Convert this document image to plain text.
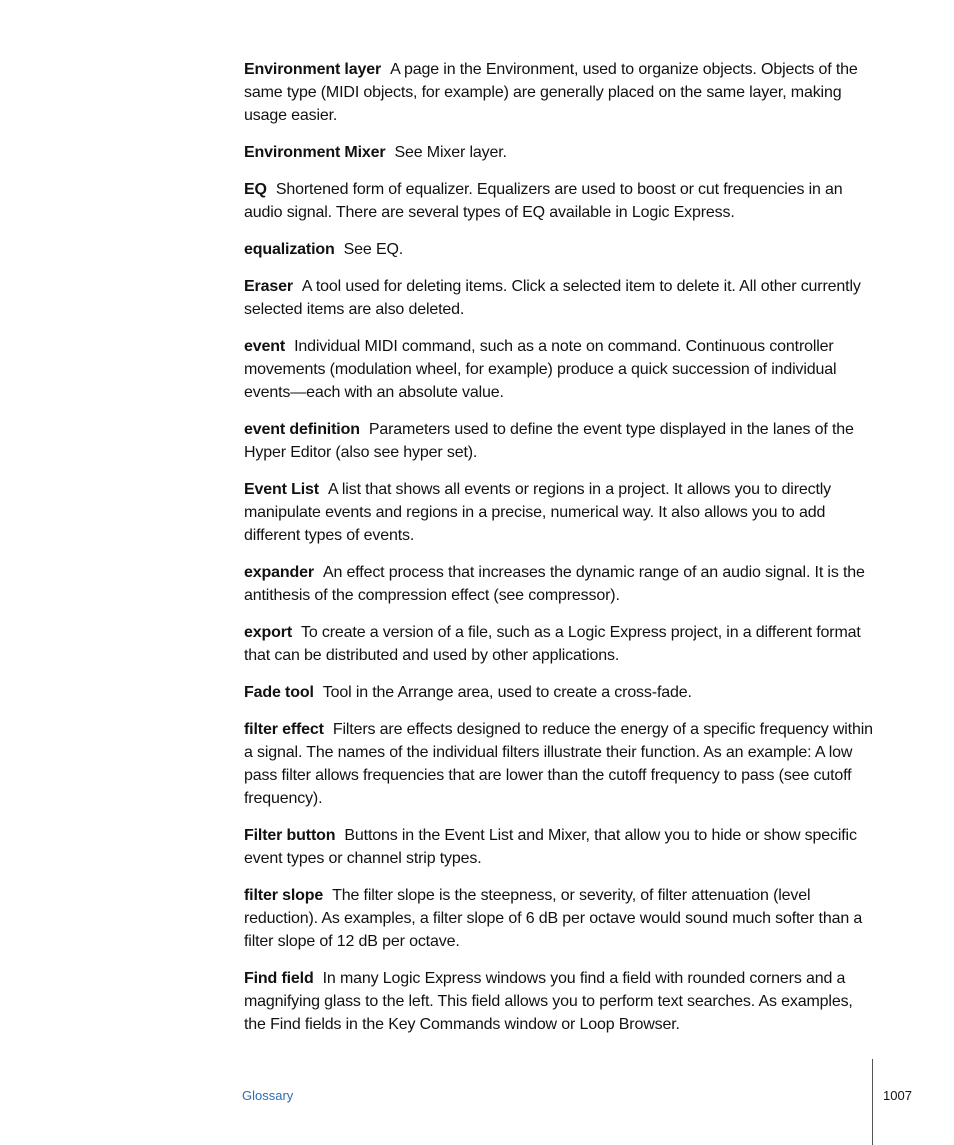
Environment layer A page in the Environment, used to organize objects. Objects of the same type (MIDI objects, for example) are generally placed on the same layer, making usage easier.

Environment Mixer See Mixer layer.

EQ Shortened form of equalizer. Equalizers are used to boost or cut frequencies in an audio signal. There are several types of EQ available in Logic Express.

equalization See EQ.

Eraser A tool used for deleting items. Click a selected item to delete it. All other currently selected items are also deleted.

event Individual MIDI command, such as a note on command. Continuous controller movements (modulation wheel, for example) produce a quick succession of individual events—each with an absolute value.

event definition Parameters used to define the event type displayed in the lanes of the Hyper Editor (also see hyper set).

Event List A list that shows all events or regions in a project. It allows you to directly manipulate events and regions in a precise, numerical way. It also allows you to add different types of events.

expander An effect process that increases the dynamic range of an audio signal. It is the antithesis of the compression effect (see compressor).

export To create a version of a file, such as a Logic Express project, in a different format that can be distributed and used by other applications.

Fade tool Tool in the Arrange area, used to create a cross-fade.

filter effect Filters are effects designed to reduce the energy of a specific frequency within a signal. The names of the individual filters illustrate their function. As an example: A low pass filter allows frequencies that are lower than the cutoff frequency to pass (see cutoff frequency).

Filter button Buttons in the Event List and Mixer, that allow you to hide or show specific event types or channel strip types.

filter slope The filter slope is the steepness, or severity, of filter attenuation (level reduction). As examples, a filter slope of 6 dB per octave would sound much softer than a filter slope of 12 dB per octave.

Find field In many Logic Express windows you find a field with rounded corners and a magnifying glass to the left. This field allows you to perform text searches. As examples, the Find fields in the Key Commands window or Loop Browser.

Glossary	1007
